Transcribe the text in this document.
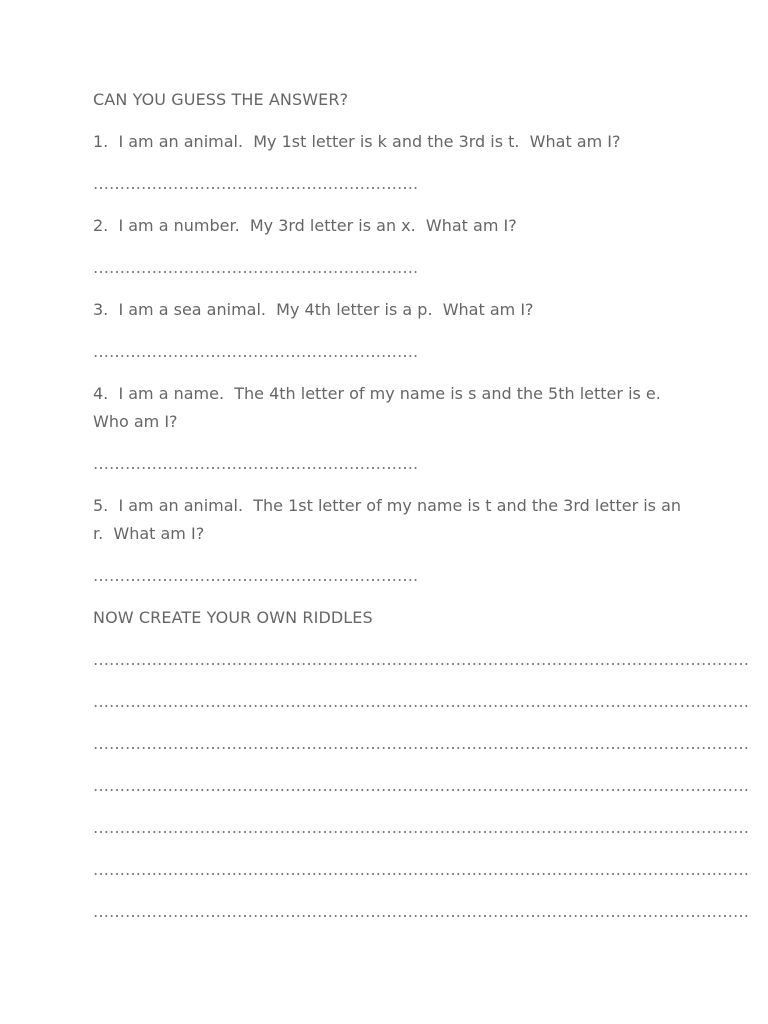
CAN YOU GUESS THE ANSWER?
1.  I am an animal.  My 1st letter is k and the 3rd is t.  What am I?
…………………………………………………….
2.  I am a number.  My 3rd letter is an x.  What am I?
…………………………………………………….
3.  I am a sea animal.  My 4th letter is a p.  What am I?
…………………………………………………….
4.  I am a name.  The 4th letter of my name is s and the 5th letter is e.  Who am I?
…………………………………………………….
5.  I am an animal.  The 1st letter of my name is t and the 3rd letter is an r.  What am I?
…………………………………………………….
NOW CREATE YOUR OWN RIDDLES
……………………………………………………………………………………………………………
……………………………………………………………………………………………………………
……………………………………………………………………………………………………………
……………………………………………………………………………………………………………
……………………………………………………………………………………………………………
……………………………………………………………………………………………………………
……………………………………………………………………………………………………………
